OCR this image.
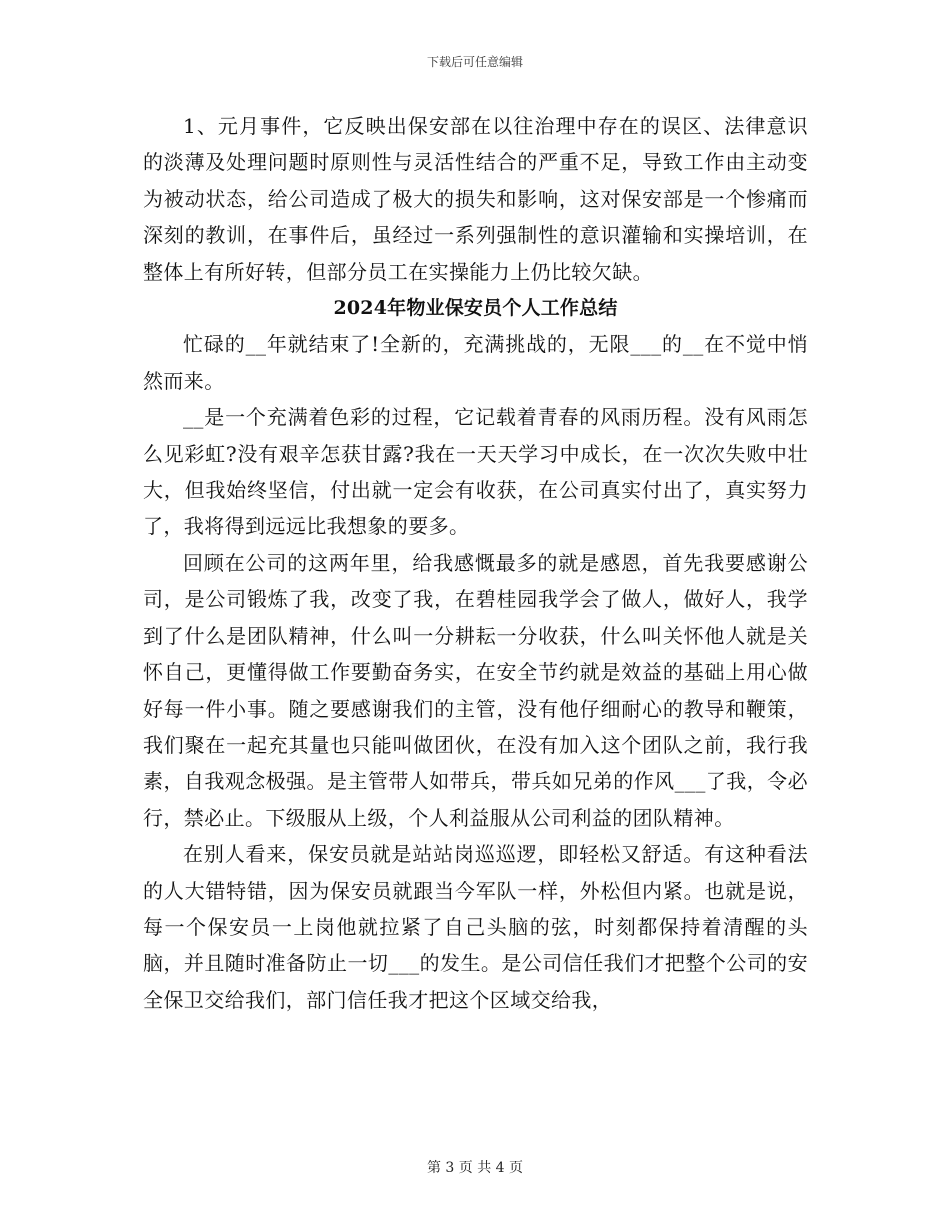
下载后可任意编辑

1、元月事件，它反映出保安部在以往治理中存在的误区、法律意识的淡薄及处理问题时原则性与灵活性结合的严重不足，导致工作由主动变为被动状态，给公司造成了极大的损失和影响，这对保安部是一个惨痛而深刻的教训，在事件后，虽经过一系列强制性的意识灌输和实操培训，在整体上有所好转，但部分员工在实操能力上仍比较欠缺。

2024年物业保安员个人工作总结

忙碌的__年就结束了!全新的，充满挑战的，无限___的__在不觉中悄然而来。

__是一个充满着色彩的过程，它记载着青春的风雨历程。没有风雨怎么见彩虹?没有艰辛怎获甘露?我在一天天学习中成长，在一次次失败中壮大，但我始终坚信，付出就一定会有收获，在公司真实付出了，真实努力了，我将得到远远比我想象的要多。

回顾在公司的这两年里，给我感慨最多的就是感恩，首先我要感谢公司，是公司锻炼了我，改变了我，在碧桂园我学会了做人，做好人，我学到了什么是团队精神，什么叫一分耕耘一分收获，什么叫关怀他人就是关怀自己，更懂得做工作要勤奋务实，在安全节约就是效益的基础上用心做好每一件小事。随之要感谢我们的主管，没有他仔细耐心的教导和鞭策，我们聚在一起充其量也只能叫做团伙，在没有加入这个团队之前，我行我素，自我观念极强。是主管带人如带兵，带兵如兄弟的作风___了我，令必行，禁必止。下级服从上级，个人利益服从公司利益的团队精神。

在别人看来，保安员就是站站岗巡巡逻，即轻松又舒适。有这种看法的人大错特错，因为保安员就跟当今军队一样，外松但内紧。也就是说，每一个保安员一上岗他就拉紧了自己头脑的弦，时刻都保持着清醒的头脑，并且随时准备防止一切___的发生。是公司信任我们才把整个公司的安全保卫交给我们，部门信任我才把这个区域交给我，

第 3 页 共 4 页
